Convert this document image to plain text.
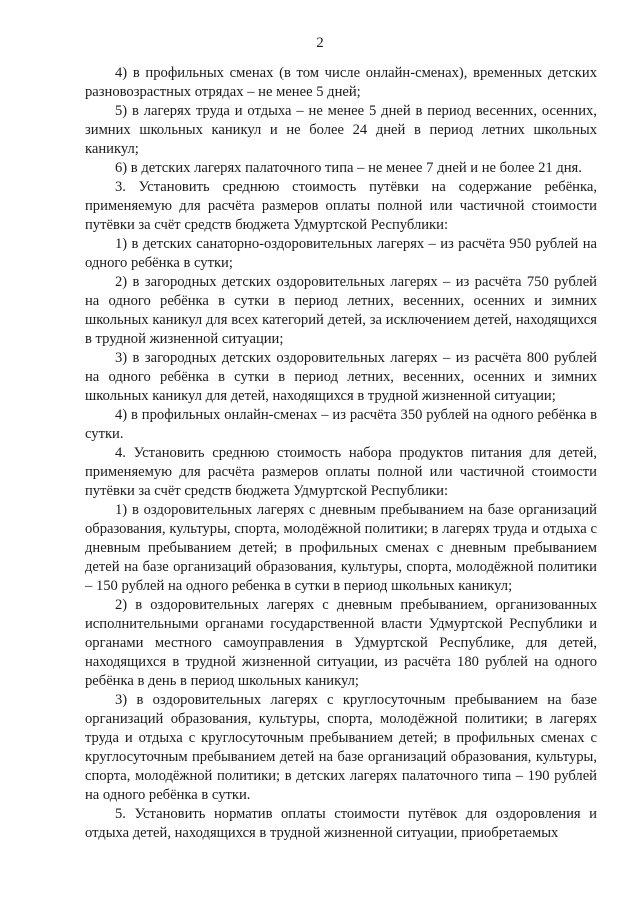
2

4) в профильных сменах (в том числе онлайн-сменах), временных детских разновозрастных отрядах – не менее 5 дней;

5) в лагерях труда и отдыха – не менее 5 дней в период весенних, осенних, зимних школьных каникул и не более 24 дней в период летних школьных каникул;

6) в детских лагерях палаточного типа – не менее 7 дней и не более 21 дня.

3. Установить среднюю стоимость путёвки на содержание ребёнка, применяемую для расчёта размеров оплаты полной или частичной стоимости путёвки за счёт средств бюджета Удмуртской Республики:

1) в детских санаторно-оздоровительных лагерях – из расчёта 950 рублей на одного ребёнка в сутки;

2) в загородных детских оздоровительных лагерях – из расчёта 750 рублей на одного ребёнка в сутки в период летних, весенних, осенних и зимних школьных каникул для всех категорий детей, за исключением детей, находящихся в трудной жизненной ситуации;

3) в загородных детских оздоровительных лагерях – из расчёта 800 рублей на одного ребёнка в сутки в период летних, весенних, осенних и зимних школьных каникул для детей, находящихся в трудной жизненной ситуации;

4) в профильных онлайн-сменах – из расчёта 350 рублей на одного ребёнка в сутки.

4. Установить среднюю стоимость набора продуктов питания для детей, применяемую для расчёта размеров оплаты полной или частичной стоимости путёвки за счёт средств бюджета Удмуртской Республики:

1) в оздоровительных лагерях с дневным пребыванием на базе организаций образования, культуры, спорта, молодёжной политики; в лагерях труда и отдыха с дневным пребыванием детей; в профильных сменах с дневным пребыванием детей на базе организаций образования, культуры, спорта, молодёжной политики – 150 рублей на одного ребенка в сутки в период школьных каникул;

2) в оздоровительных лагерях с дневным пребыванием, организованных исполнительными органами государственной власти Удмуртской Республики и органами местного самоуправления в Удмуртской Республике, для детей, находящихся в трудной жизненной ситуации, из расчёта 180 рублей на одного ребёнка в день в период школьных каникул;

3) в оздоровительных лагерях с круглосуточным пребыванием на базе организаций образования, культуры, спорта, молодёжной политики; в лагерях труда и отдыха с круглосуточным пребыванием детей; в профильных сменах с круглосуточным пребыванием детей на базе организаций образования, культуры, спорта, молодёжной политики; в детских лагерях палаточного типа – 190 рублей на одного ребёнка в сутки.

5. Установить норматив оплаты стоимости путёвок для оздоровления и отдыха детей, находящихся в трудной жизненной ситуации, приобретаемых
